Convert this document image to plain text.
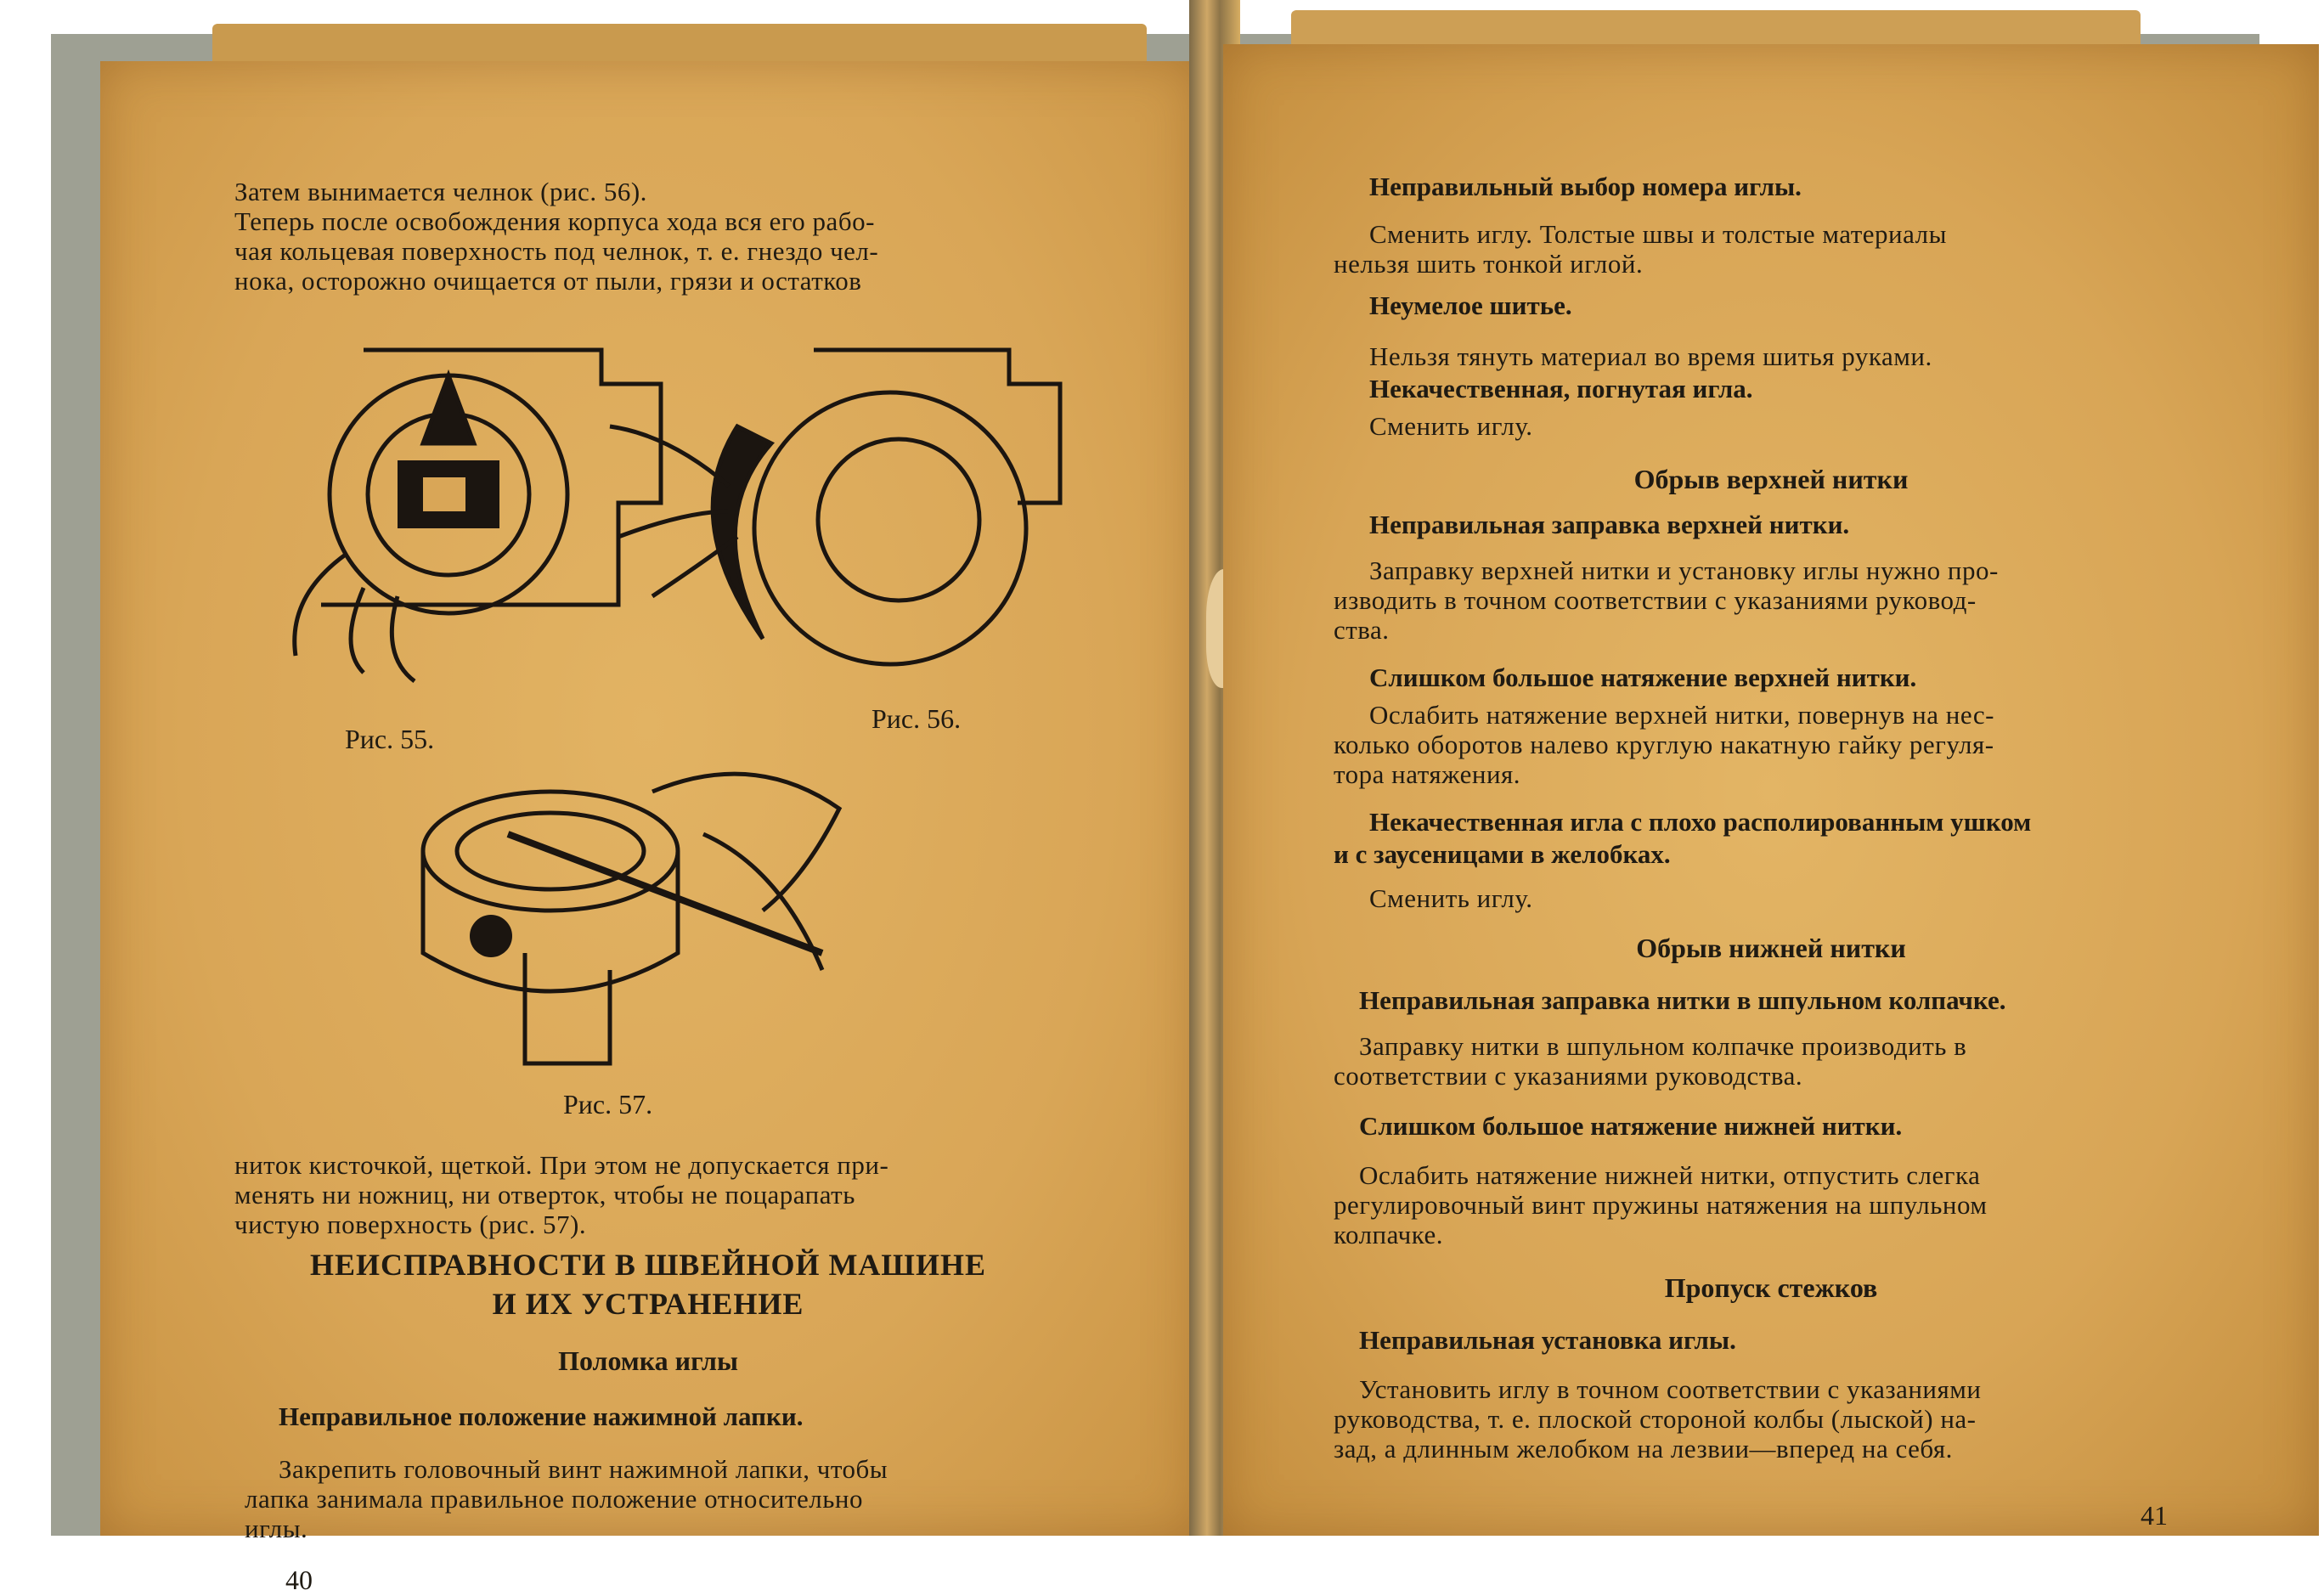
Затем вынимается челнок (рис. 56).
Теперь после освобождения корпуса хода вся его рабо-
чая кольцевая поверхность под челнок, т. е. гнездо чел-
нока, осторожно очищается от пыли, грязи и остатков
Рис. 55.
Рис. 56.
Рис. 57.
ниток кисточкой, щеткой. При этом не допускается при-
менять ни ножниц, ни отверток, чтобы не поцарапать
чистую поверхность (рис. 57).
НЕИСПРАВНОСТИ В ШВЕЙНОЙ МАШИНЕ
И ИХ УСТРАНЕНИЕ
Поломка иглы
Неправильное положение нажимной лапки.
Закрепить головочный винт нажимной лапки, чтобы
лапка занимала правильное положение относительно
иглы.
40
Неправильный выбор номера иглы.
Сменить иглу. Толстые швы и толстые материалы
нельзя шить тонкой иглой.
Неумелое шитье.
Нельзя тянуть материал во время шитья руками.
Некачественная, погнутая игла.
Сменить иглу.
Обрыв верхней нитки
Неправильная заправка верхней нитки.
Заправку верхней нитки и установку иглы нужно про-
изводить в точном соответствии с указаниями руковод-
ства.
Слишком большое натяжение верхней нитки.
Ослабить натяжение верхней нитки, повернув на нес-
колько оборотов налево круглую накатную гайку регуля-
тора натяжения.
Некачественная игла с плохо располированным ушком
и с заусеницами в желобках.
Сменить иглу.
Обрыв нижней нитки
Неправильная заправка нитки в шпульном колпачке.
Заправку нитки в шпульном колпачке производить в
соответствии с указаниями руководства.
Слишком большое натяжение нижней нитки.
Ослабить натяжение нижней нитки, отпустить слегка
регулировочный винт пружины натяжения на шпульном
колпачке.
Пропуск стежков
Неправильная установка иглы.
Установить иглу в точном соответствии с указаниями
руководства, т. е. плоской стороной колбы (лыской) на-
зад, а длинным желобком на лезвии—вперед на себя.
41
